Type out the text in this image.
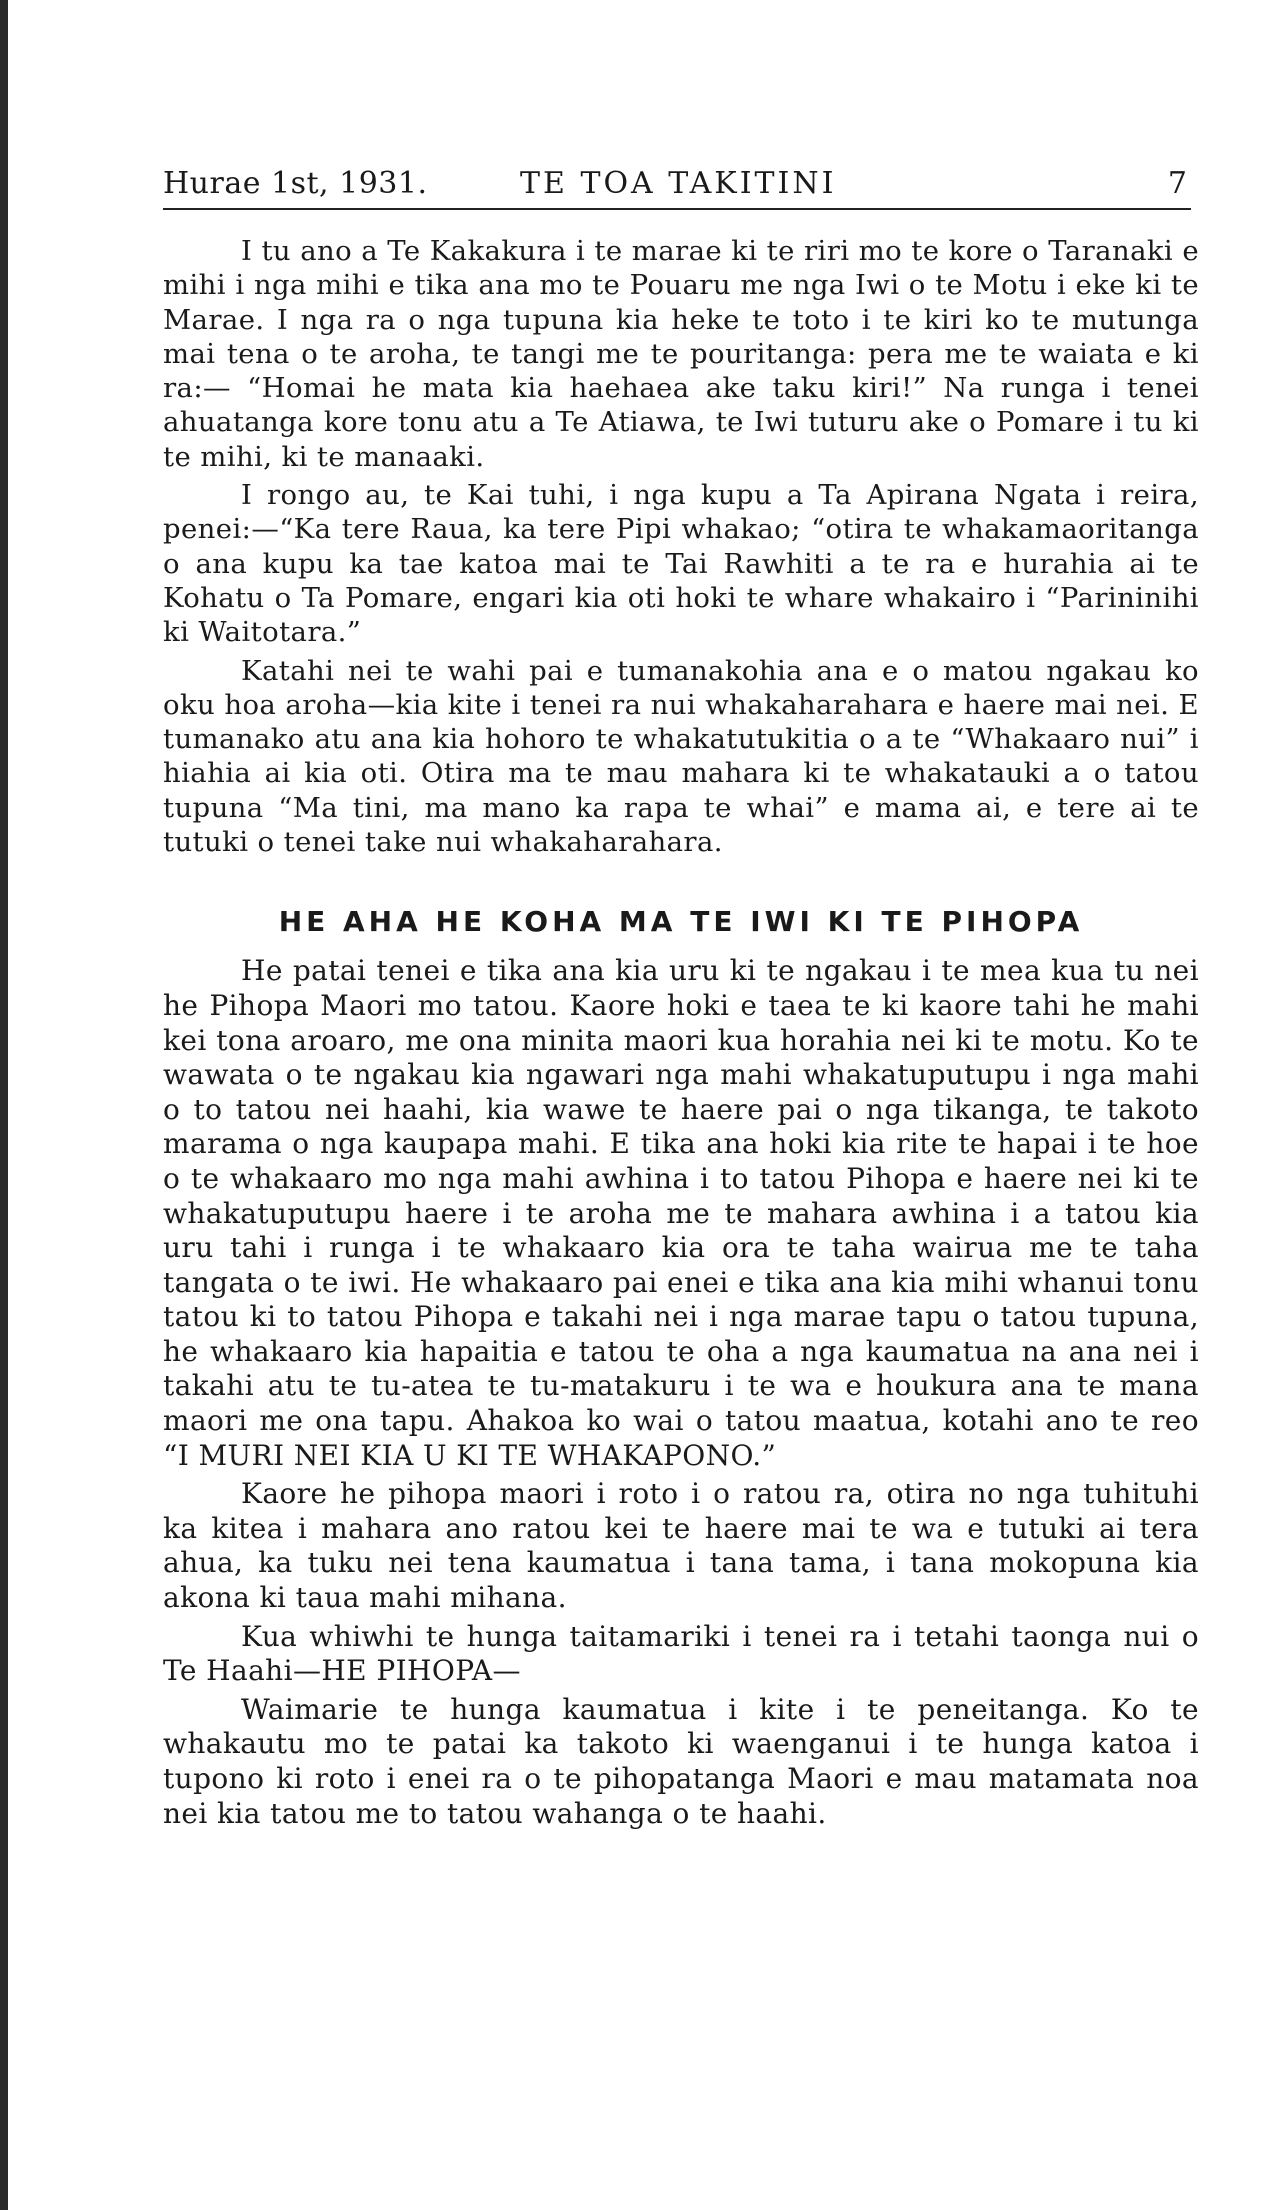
Hurae 1st, 1931.	TE TOA TAKITINI	7

I tu ano a Te Kakakura i te marae ki te riri mo te kore o Taranaki e mihi i nga mihi e tika ana mo te Pouaru me nga Iwi o te Motu i eke ki te Marae. I nga ra o nga tupuna kia heke te toto i te kiri ko te mutunga mai tena o te aroha, te tangi me te pouritanga: pera me te waiata e ki ra:— “Homai he mata kia haehaea ake taku kiri!” Na runga i tenei ahuatanga kore tonu atu a Te Atiawa, te Iwi tuturu ake o Pomare i tu ki te mihi, ki te manaaki.

I rongo au, te Kai tuhi, i nga kupu a Ta Apirana Ngata i reira, penei:—“Ka tere Raua, ka tere Pipi whakao; “otira te whakamaoritanga o ana kupu ka tae katoa mai te Tai Rawhiti a te ra e hurahia ai te Kohatu o Ta Pomare, engari kia oti hoki te whare whakairo i “Parininihi ki Waitotara.”

Katahi nei te wahi pai e tumanakohia ana e o matou ngakau ko oku hoa aroha—kia kite i tenei ra nui whakaharahara e haere mai nei. E tumanako atu ana kia hohoro te whakatutukitia o a te “Whakaaro nui” i hiahia ai kia oti. Otira ma te mau mahara ki te whakatauki a o tatou tupuna “Ma tini, ma mano ka rapa te whai” e mama ai, e tere ai te tutuki o tenei take nui whakaharahara.

HE AHA HE KOHA MA TE IWI KI TE PIHOPA

He patai tenei e tika ana kia uru ki te ngakau i te mea kua tu nei he Pihopa Maori mo tatou. Kaore hoki e taea te ki kaore tahi he mahi kei tona aroaro, me ona minita maori kua horahia nei ki te motu. Ko te wawata o te ngakau kia ngawari nga mahi whakatuputupu i nga mahi o to tatou nei haahi, kia wawe te haere pai o nga tikanga, te takoto marama o nga kaupapa mahi. E tika ana hoki kia rite te hapai i te hoe o te whakaaro mo nga mahi awhina i to tatou Pihopa e haere nei ki te whakatuputupu haere i te aroha me te mahara awhina i a tatou kia uru tahi i runga i te whakaaro kia ora te taha wairua me te taha tangata o te iwi. He whakaaro pai enei e tika ana kia mihi whanui tonu tatou ki to tatou Pihopa e takahi nei i nga marae tapu o tatou tupuna, he whakaaro kia hapaitia e tatou te oha a nga kaumatua na ana nei i takahi atu te tu-atea te tu-matakuru i te wa e houkura ana te mana maori me ona tapu. Ahakoa ko wai o tatou maatua, kotahi ano te reo “I MURI NEI KIA U KI TE WHAKAPONO.”

Kaore he pihopa maori i roto i o ratou ra, otira no nga tuhituhi ka kitea i mahara ano ratou kei te haere mai te wa e tutuki ai tera ahua, ka tuku nei tena kaumatua i tana tama, i tana mokopuna kia akona ki taua mahi mihana.

Kua whiwhi te hunga taitamariki i tenei ra i tetahi taonga nui o Te Haahi—HE PIHOPA—

Waimarie te hunga kaumatua i kite i te peneitanga. Ko te whakautu mo te patai ka takoto ki waenganui i te hunga katoa i tupono ki roto i enei ra o te pihopatanga Maori e mau matamata noa nei kia tatou me to tatou wahanga o te haahi.
